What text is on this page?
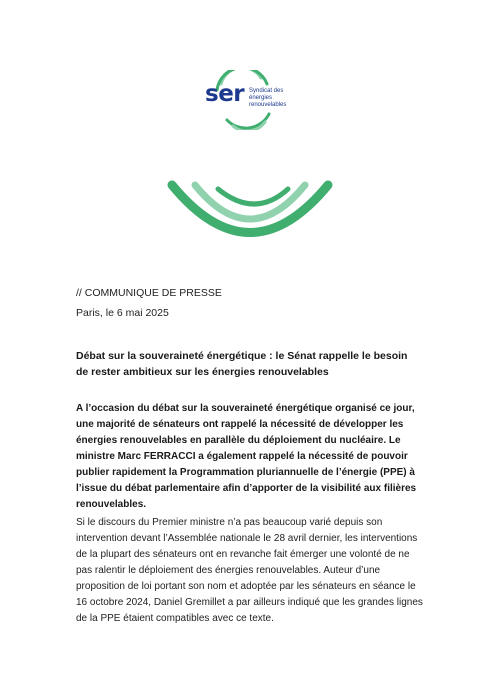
ser Syndicat des énergies renouvelables
// COMMUNIQUE DE PRESSE
Paris, le 6 mai 2025
Débat sur la souveraineté énergétique : le Sénat rappelle le besoin de rester ambitieux sur les énergies renouvelables
A l’occasion du débat sur la souveraineté énergétique organisé ce jour, une majorité de sénateurs ont rappelé la nécessité de développer les énergies renouvelables en parallèle du déploiement du nucléaire. Le ministre Marc FERRACCI a également rappelé la nécessité de pouvoir publier rapidement la Programmation pluriannuelle de l’énergie (PPE) à l’issue du débat parlementaire afin d’apporter de la visibilité aux filières renouvelables.
Si le discours du Premier ministre n’a pas beaucoup varié depuis son intervention devant l’Assemblée nationale le 28 avril dernier, les interventions de la plupart des sénateurs ont en revanche fait émerger une volonté de ne pas ralentir le déploiement des énergies renouvelables. Auteur d’une proposition de loi portant son nom et adoptée par les sénateurs en séance le 16 octobre 2024, Daniel Gremillet a par ailleurs indiqué que les grandes lignes de la PPE étaient compatibles avec ce texte.
